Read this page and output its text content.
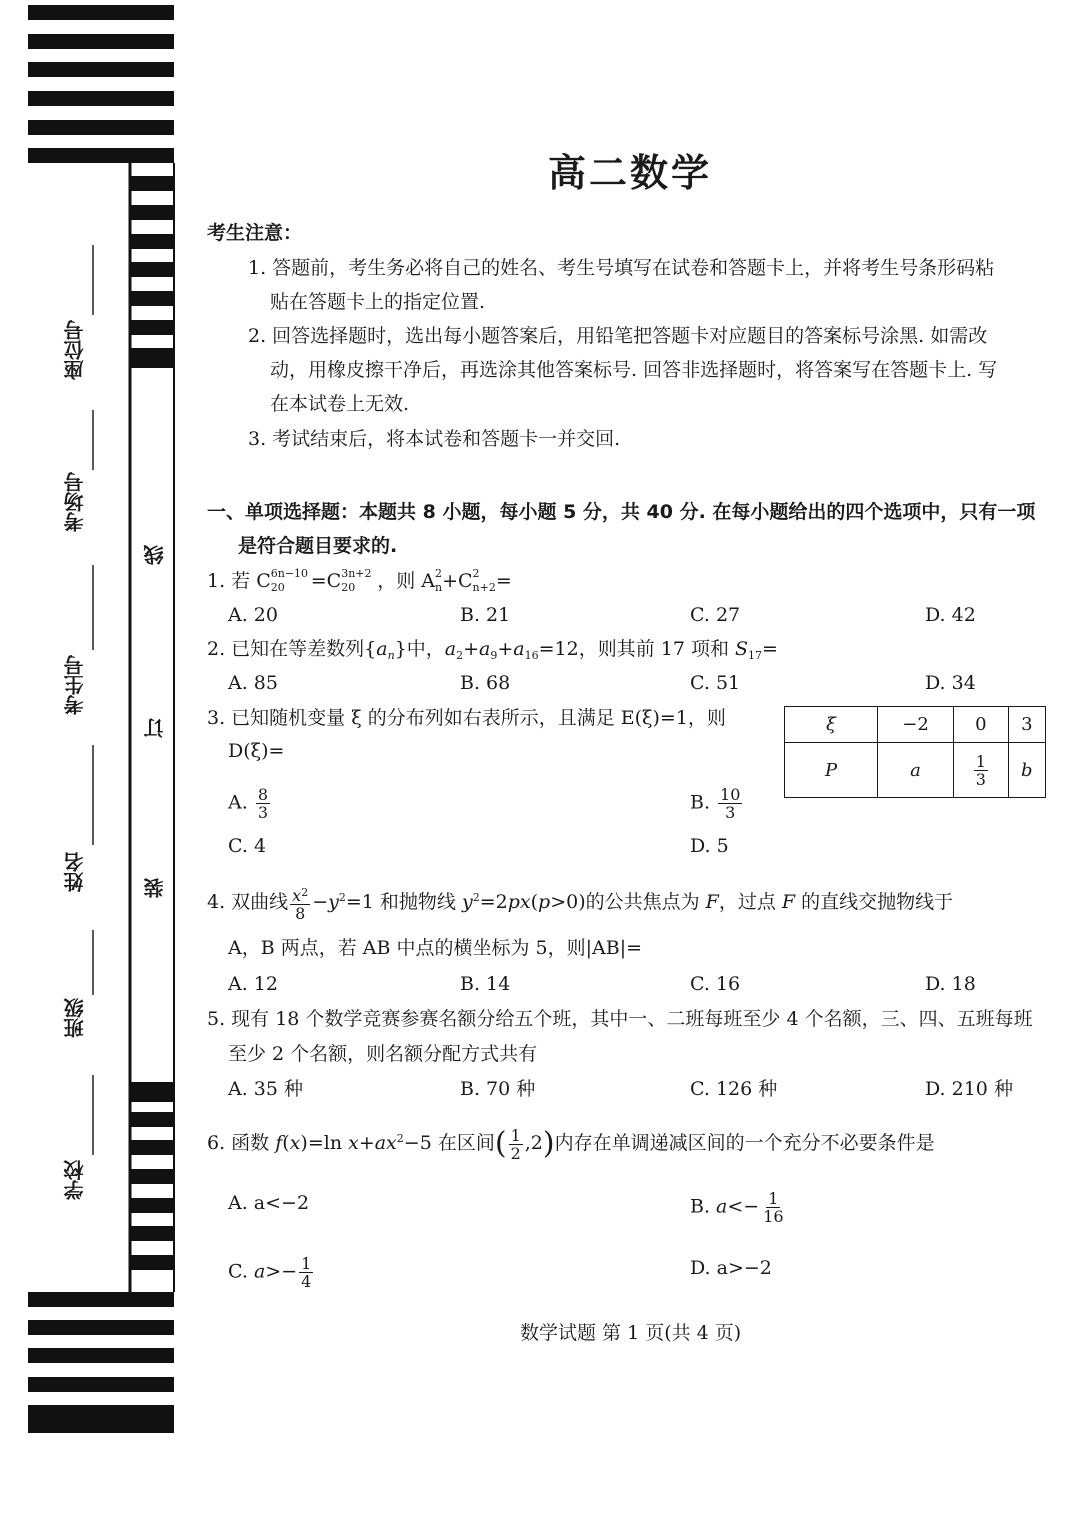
座位号
考场号
考生号
姓名
班级
学校
线
订
装
高二数学
考生注意：
1. 答题前，考生务必将自己的姓名、考生号填写在试卷和答题卡上，并将考生号条形码粘
贴在答题卡上的指定位置.
2. 回答选择题时，选出每小题答案后，用铅笔把答题卡对应题目的答案标号涂黑. 如需改
动，用橡皮擦干净后，再选涂其他答案标号. 回答非选择题时，将答案写在答题卡上. 写
在本试卷上无效.
3. 考试结束后，将本试卷和答题卡一并交回.
一、单项选择题：本题共 8 小题，每小题 5 分，共 40 分. 在每小题给出的四个选项中，只有一项
是符合题目要求的.
1. 若 C20
6n−10 =C20
3n+2 ，则 An
2 +Cn+2
2 =
A. 20	B. 21	C. 27	D. 42
2. 已知在等差数列$\{a_n\}$中，$a_2+a_9+a_{16}=12$，则其前 17 项和 $S_{17}=$
A. 85	B. 68	C. 51	D. 34
3. 已知随机变量 ξ 的分布列如右表所示，且满足 E(ξ)=1，则
D(ξ)=
ξ	−2	0	3
P	a	$\frac{1}{3}$	b
A. $\frac{8}{3}$	B. $\frac{10}{3}$
C. 4	D. 5
4. 双曲线 $\frac{x^2}{8} -y^2=1$ 和抛物线 $y^2=2px(p>0)$的公共焦点为 F，过点 F 的直线交抛物线于
A，B 两点，若 AB 中点的横坐标为 5，则|AB|=
A. 12	B. 14	C. 16	D. 18
5. 现有 18 个数学竞赛参赛名额分给五个班，其中一、二班每班至少 4 个名额，三、四、五班每班
至少 2 个名额，则名额分配方式共有
A. 35 种	B. 70 种	C. 126 种	D. 210 种
6. 函数 f(x)=ln $x+ax^2-5$ 在区间( $\frac{1}{2} ,2$)内存在单调递减区间的一个充分不必要条件是
A. a<−2	B. $a<- \frac{1}{16}$
C. $a>- \frac{1}{4}$	D. a>−2
数学试题 第 1 页(共 4 页)
